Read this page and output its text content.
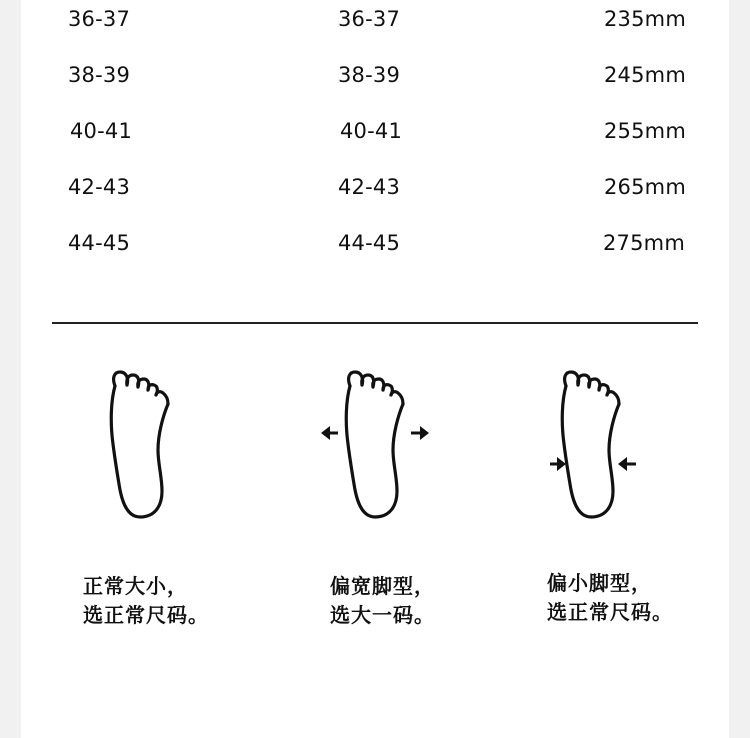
36-37	36-37	235mm
38-39	38-39	245mm
40-41	40-41	255mm
42-43	42-43	265mm
44-45	44-45	275mm
正常大小，
选正常尺码。
偏宽脚型，
选大一码。
偏小脚型，
选正常尺码。
